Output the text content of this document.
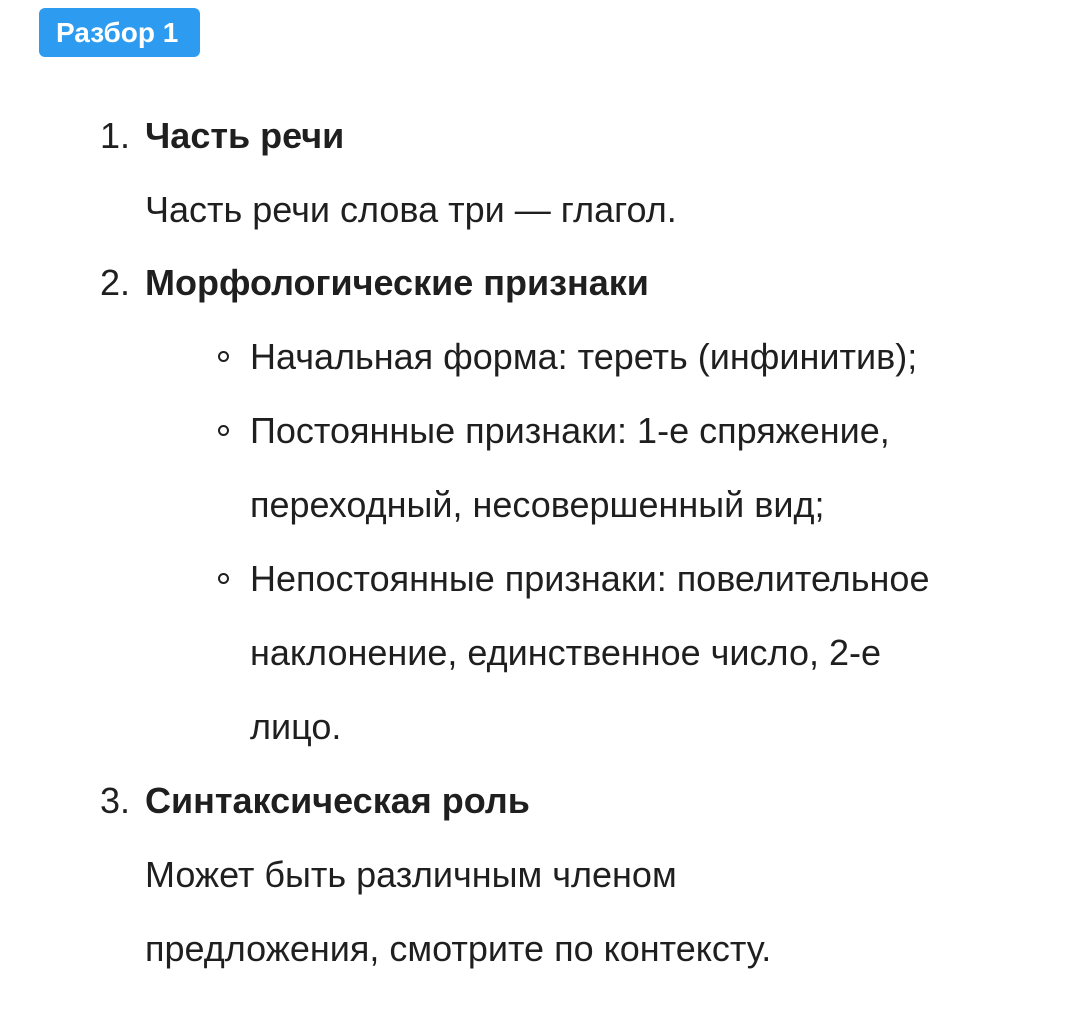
Разбор 1
1. Часть речи
Часть речи слова три — глагол.
2. Морфологические признаки
Начальная форма: тереть (инфинитив);
Постоянные признаки: 1-е спряжение,
переходный, несовершенный вид;
Непостоянные признаки: повелительное
наклонение, единственное число, 2-е
лицо.
3. Синтаксическая роль
Может быть различным членом
предложения, смотрите по контексту.
